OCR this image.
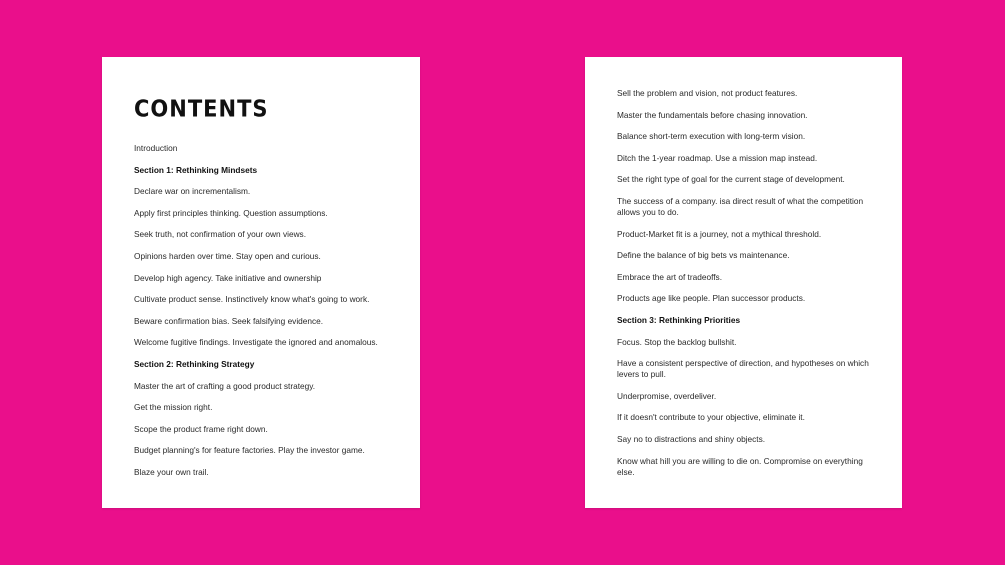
CONTENTS
Introduction
Section 1: Rethinking Mindsets
Declare war on incrementalism.
Apply first principles thinking. Question assumptions.
Seek truth, not confirmation of your own views.
Opinions harden over time. Stay open and curious.
Develop high agency. Take initiative and ownership
Cultivate product sense. Instinctively know what's going to work.
Beware confirmation bias. Seek falsifying evidence.
Welcome fugitive findings. Investigate the ignored and anomalous.
Section 2: Rethinking Strategy
Master the art of crafting a good product strategy.
Get the mission right.
Scope the product frame right down.
Budget planning's for feature factories. Play the investor game.
Blaze your own trail.
Sell the problem and vision, not product features.
Master the fundamentals before chasing innovation.
Balance short-term execution with long-term vision.
Ditch the 1-year roadmap. Use a mission map instead.
Set the right type of goal for the current stage of development.
The success of a company. isa direct result of what the competition allows you to do.
Product-Market fit is a journey, not a mythical threshold.
Define the balance of big bets vs maintenance.
Embrace the art of tradeoffs.
Products age like people. Plan successor products.
Section 3: Rethinking Priorities
Focus. Stop the backlog bullshit.
Have a consistent perspective of direction, and hypotheses on which levers to pull.
Underpromise, overdeliver.
If it doesn't contribute to your objective, eliminate it.
Say no to distractions and shiny objects.
Know what hill you are willing to die on. Compromise on everything else.
